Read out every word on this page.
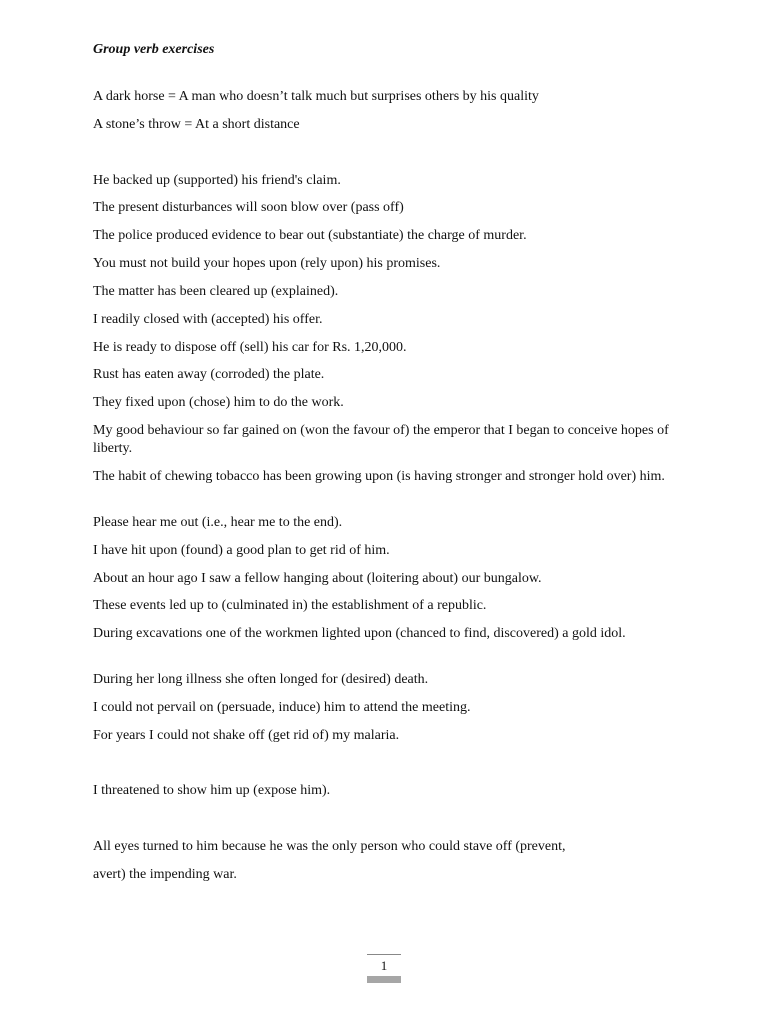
Group verb exercises
A dark horse = A man who doesn’t talk much but surprises others by his quality
A stone’s throw = At a short distance
He backed up (supported) his friend's claim.
The present disturbances will soon blow over (pass off)
The police produced evidence to bear out (substantiate) the charge of murder.
You must not build your hopes upon (rely upon) his promises.
The matter has been cleared up (explained).
I readily closed with (accepted) his offer.
He is ready to dispose off (sell) his car for Rs. 1,20,000.
Rust has eaten away (corroded) the plate.
They fixed upon (chose) him to do the work.
My good behaviour so far gained on (won the favour of) the emperor that I began to conceive hopes of liberty.
The habit of chewing tobacco has been growing upon (is having stronger and stronger hold over) him.
Please hear me out (i.e., hear me to the end).
I have hit upon (found) a good plan to get rid of him.
About an hour ago I saw a fellow hanging about (loitering about) our bungalow.
These events led up to (culminated in) the establishment of a republic.
During excavations one of the workmen lighted upon (chanced to find, discovered) a gold idol.
During her long illness she often longed for (desired) death.
I could not pervail on (persuade, induce) him to attend the meeting.
For years I could not shake off (get rid of) my malaria.
I threatened to show him up (expose him).
All eyes turned to him because he was the only person who could stave off (prevent,
avert) the impending war.
1
